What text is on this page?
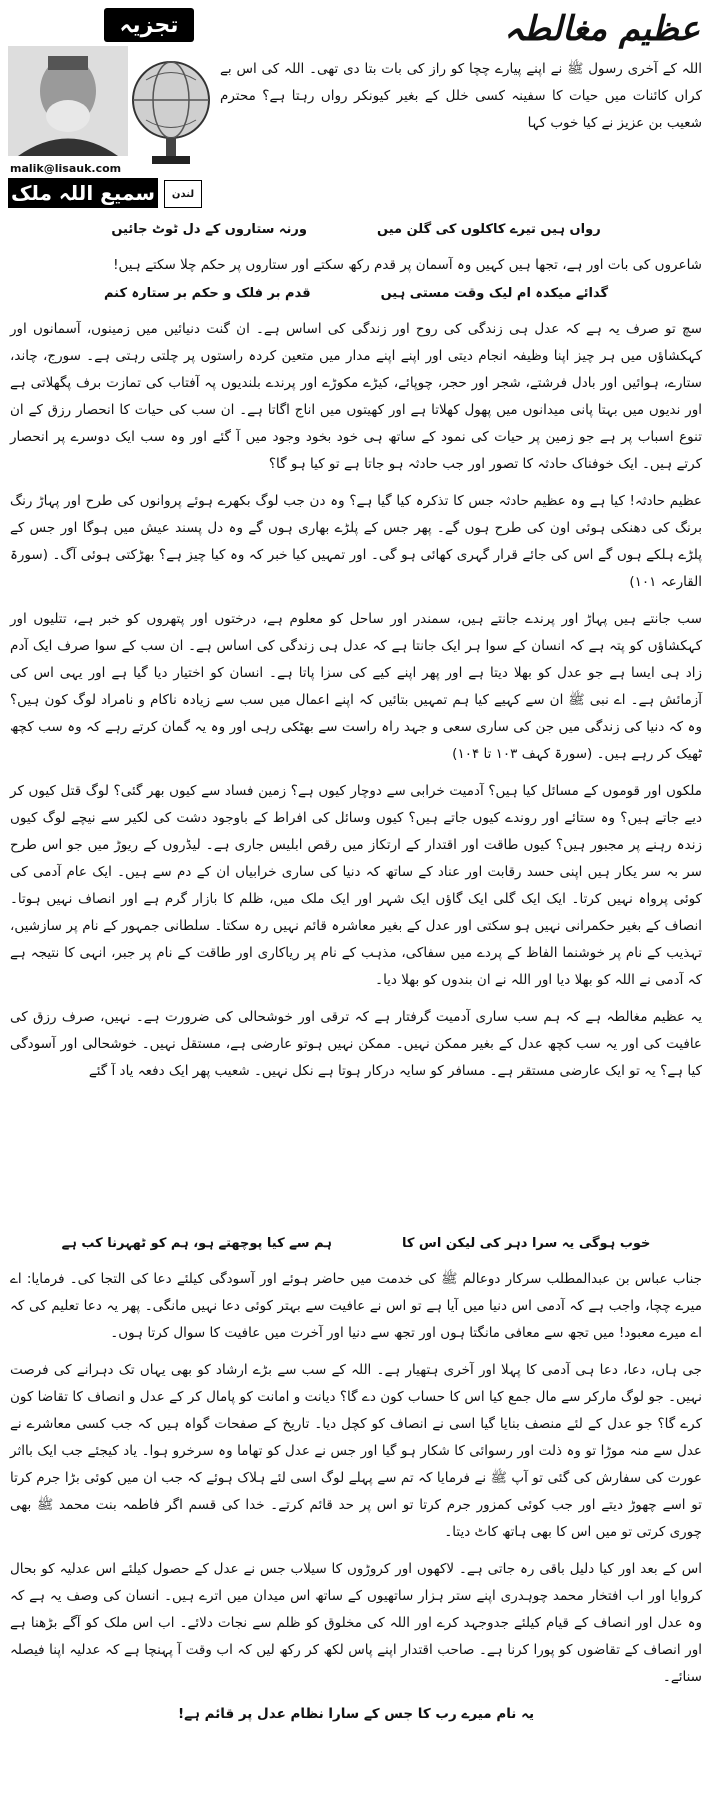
تجزیہ
malik@lisauk.com
سمیع اللہ ملک	لندن
عظیم مغالطہ
اللہ کے آخری رسول ﷺ نے اپنے پیارے چچا کو راز کی بات بتا دی تھی۔ اللہ کی اس بے کراں کائنات میں حیات کا سفینہ کسی خلل کے بغیر کیونکر رواں رہتا ہے؟ محترم شعیب بن عزیز نے کیا خوب کہا
رواں ہیں تیرے کاکلوں کی گلن میں
ورنہ ستاروں کے دل ٹوٹ جائیں

شاعروں کی بات اور ہے، تجھا ہیں کہیں وہ آسمان پر قدم رکھ سکتے اور ستاروں پر حکم چلا سکتے ہیں!

گدائے میکدہ ام لیک وقت مستی ہیں
قدم بر فلک و حکم بر ستارہ کنم

سچ تو صرف یہ ہے کہ عدل ہی زندگی کی روح اور زندگی کی اساس ہے۔ ان گنت دنیائیں میں زمینوں، آسمانوں اور کہکشاؤں میں ہر چیز اپنا وظیفہ انجام دیتی اور اپنے اپنے مدار میں متعین کردہ راستوں پر چلتی رہتی ہے۔ سورج، چاند، ستارے، ہوائیں اور بادل فرشتے، شجر اور حجر، چوپائے، کیڑے مکوڑے اور پرندے بلندیوں پہ آفتاب کی تمازت برف پگھلاتی ہے اور ندیوں میں بہتا پانی میدانوں میں پھول کھلاتا ہے اور کھیتوں میں اناج اگاتا ہے۔ ان سب کی حیات کا انحصار رزق کے ان تنوع اسباب پر ہے جو زمین پر حیات کی نمود کے ساتھ ہی خود بخود وجود میں آ گئے اور وہ سب ایک دوسرے پر انحصار کرتے ہیں۔ ایک خوفناک حادثہ کا تصور اور جب حادثہ ہو جاتا ہے تو کیا ہو گا؟

عظیم حادثہ! کیا ہے وہ عظیم حادثہ جس کا تذکرہ کیا گیا ہے؟ وہ دن جب لوگ بکھرے ہوئے پروانوں کی طرح اور پہاڑ رنگ برنگ کی دھنکی ہوئی اون کی طرح ہوں گے۔ پھر جس کے پلڑے بھاری ہوں گے وہ دل پسند عیش میں ہوگا اور جس کے پلڑے ہلکے ہوں گے اس کی جائے قرار گہری کھائی ہو گی۔ اور تمہیں کیا خبر کہ وہ کیا چیز ہے؟ بھڑکتی ہوئی آگ۔ (سورۃ القارعہ ۱۰۱)

سب جانتے ہیں پہاڑ اور پرندے جانتے ہیں، سمندر اور ساحل کو معلوم ہے، درختوں اور پتھروں کو خبر ہے، تتلیوں اور کہکشاؤں کو پتہ ہے کہ انسان کے سوا ہر ایک جانتا ہے کہ عدل ہی زندگی کی اساس ہے۔ ان سب کے سوا صرف ایک آدم زاد ہی ایسا ہے جو عدل کو بھلا دیتا ہے اور پھر اپنے کیے کی سزا پاتا ہے۔ انسان کو اختیار دیا گیا ہے اور یہی اس کی آزمائش ہے۔ اے نبی ﷺ ان سے کہیے کیا ہم تمہیں بتائیں کہ اپنے اعمال میں سب سے زیادہ ناکام و نامراد لوگ کون ہیں؟ وہ کہ دنیا کی زندگی میں جن کی ساری سعی و جہد راہ راست سے بھٹکی رہی اور وہ یہ گمان کرتے رہے کہ وہ سب کچھ ٹھیک کر رہے ہیں۔ (سورۃ کہف ۱۰۳ تا ۱۰۴)

ملکوں اور قوموں کے مسائل کیا ہیں؟ آدمیت خرابی سے دوچار کیوں ہے؟ زمین فساد سے کیوں بھر گئی؟ لوگ قتل کیوں کر دیے جاتے ہیں؟ وہ ستائے اور روندے کیوں جاتے ہیں؟ کیوں وسائل کی افراط کے باوجود دشت کی لکیر سے نیچے لوگ کیوں زندہ رہنے پر مجبور ہیں؟ کیوں طاقت اور اقتدار کے ارتکاز میں رقص ابلیس جاری ہے۔ لیڈروں کے ریوڑ میں جو اس طرح سر بہ سر یکار ہیں اپنی حسد رقابت اور عناد کے ساتھ کہ دنیا کی ساری خرابیاں ان کے دم سے ہیں۔ ایک عام آدمی کی کوئی پرواہ نہیں کرتا۔ ایک ایک گلی ایک گاؤں ایک شہر اور ایک ملک میں، ظلم کا بازار گرم ہے اور انصاف نہیں ہوتا۔ انصاف کے بغیر حکمرانی نہیں ہو سکتی اور عدل کے بغیر معاشرہ قائم نہیں رہ سکتا۔ سلطانی جمہور کے نام پر سازشیں، تہذیب کے نام پر خوشنما الفاظ کے پردے میں سفاکی، مذہب کے نام پر ریاکاری اور طاقت کے نام پر جبر، انہی کا نتیجہ ہے کہ آدمی نے اللہ کو بھلا دیا اور اللہ نے ان بندوں کو بھلا دیا۔

یہ عظیم مغالطہ ہے کہ ہم سب ساری آدمیت گرفتار ہے کہ ترقی اور خوشحالی کی ضرورت ہے۔ نہیں، صرف رزق کی عافیت کی اور یہ سب کچھ عدل کے بغیر ممکن نہیں۔ ممکن نہیں ہوتو عارضی ہے، مستقل نہیں۔ خوشحالی اور آسودگی کیا ہے؟ یہ تو ایک عارضی مستقر ہے۔ مسافر کو سایہ درکار ہوتا ہے نکل نہیں۔ شعیب پھر ایک دفعہ یاد آ گئے

خوب ہوگی یہ سرا دہر کی لیکن اس کا
ہم سے کیا پوچھتے ہو، ہم کو ٹھہرنا کب ہے

جناب عباس بن عبدالمطلب سرکار دوعالم ﷺ کی خدمت میں حاضر ہوئے اور آسودگی کیلئے دعا کی التجا کی۔ فرمایا: اے میرے چچا، واجب ہے کہ آدمی اس دنیا میں آیا ہے تو اس نے عافیت سے بہتر کوئی دعا نہیں مانگی۔ پھر یہ دعا تعلیم کی کہ اے میرے معبود! میں تجھ سے معافی مانگتا ہوں اور تجھ سے دنیا اور آخرت میں عافیت کا سوال کرتا ہوں۔

جی ہاں، دعا، دعا ہی آدمی کا پہلا اور آخری ہتھیار ہے۔ اللہ کے سب سے بڑے ارشاد کو بھی یہاں تک دہرانے کی فرصت نہیں۔ جو لوگ مارکر سے مال جمع کیا اس کا حساب کون دے گا؟ دیانت و امانت کو پامال کر کے عدل و انصاف کا تقاضا کون کرے گا؟ جو عدل کے لئے منصف بنایا گیا اسی نے انصاف کو کچل دیا۔ تاریخ کے صفحات گواہ ہیں کہ جب کسی معاشرے نے عدل سے منہ موڑا تو وہ ذلت اور رسوائی کا شکار ہو گیا اور جس نے عدل کو تھاما وہ سرخرو ہوا۔ یاد کیجئے جب ایک بااثر عورت کی سفارش کی گئی تو آپ ﷺ نے فرمایا کہ تم سے پہلے لوگ اسی لئے ہلاک ہوئے کہ جب ان میں کوئی بڑا جرم کرتا تو اسے چھوڑ دیتے اور جب کوئی کمزور جرم کرتا تو اس پر حد قائم کرتے۔ خدا کی قسم اگر فاطمہ بنت محمد ﷺ بھی چوری کرتی تو میں اس کا بھی ہاتھ کاٹ دیتا۔

اس کے بعد اور کیا دلیل باقی رہ جاتی ہے۔ لاکھوں اور کروڑوں کا سیلاب جس نے عدل کے حصول کیلئے اس عدلیہ کو بحال کروایا اور اب افتخار محمد چوہدری اپنے ستر ہزار ساتھیوں کے ساتھ اس میدان میں اترے ہیں۔ انسان کی وصف یہ ہے کہ وہ عدل اور انصاف کے قیام کیلئے جدوجہد کرے اور اللہ کی مخلوق کو ظلم سے نجات دلائے۔ اب اس ملک کو آگے بڑھنا ہے اور انصاف کے تقاضوں کو پورا کرنا ہے۔ صاحب اقتدار اپنے پاس لکھ کر رکھ لیں کہ اب وقت آ پہنچا ہے کہ عدلیہ اپنا فیصلہ سنائے۔

یہ نام میرے رب کا جس کے سارا نظام عدل پر قائم ہے!
